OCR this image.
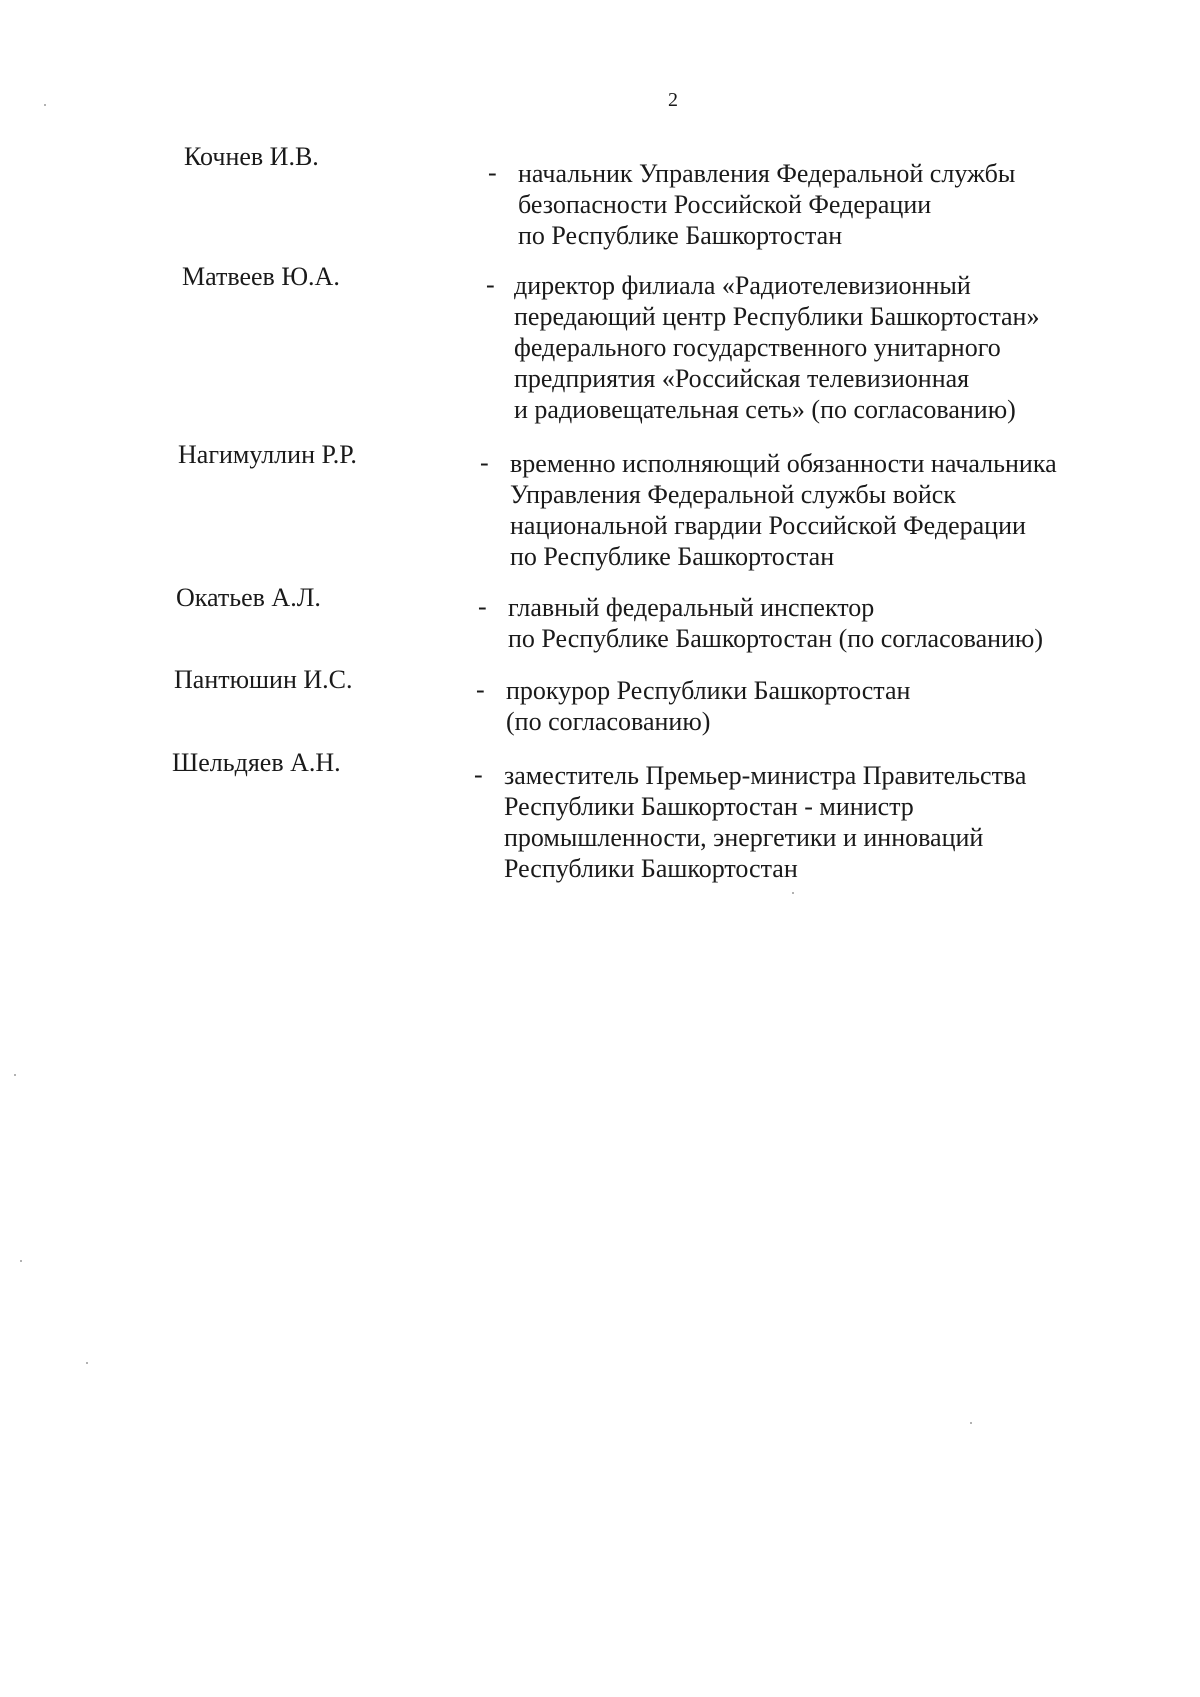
2
Кочнев И.В.
- начальник Управления Федеральной службы
безопасности Российской Федерации
по Республике Башкортостан
Матвеев Ю.А.	- директор филиала «Радиотелевизионный
передающий центр Республики Башкортостан»
федерального государственного унитарного
предприятия «Российская телевизионная
и радиовещательная сеть» (по согласованию)
Нагимуллин Р.Р.	- временно исполняющий обязанности начальника
Управления Федеральной службы войск
национальной гвардии Российской Федерации
по Республике Башкортостан
Окатьев А.Л.	- главный федеральный инспектор
по Республике Башкортостан (по согласованию)
Пантюшин И.С.	- прокурор Республики Башкортостан
(по согласованию)
Шельдяев А.Н.	- заместитель Премьер-министра Правительства
Республики Башкортостан - министр
промышленности, энергетики и инноваций
Республики Башкортостан
